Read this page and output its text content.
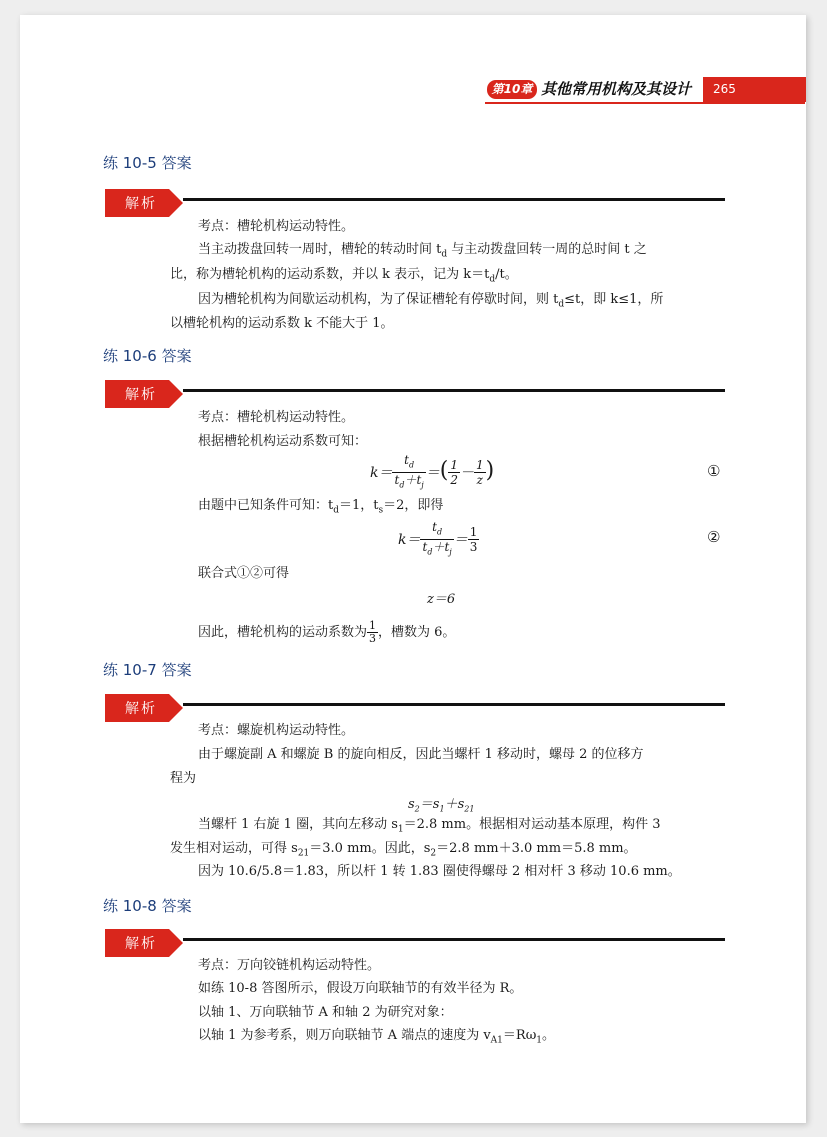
第10章 其他常用机构及其设计	265
练 10-5 答案
解析
考点：槽轮机构运动特性。
当主动拨盘回转一周时，槽轮的转动时间 $t_d$ 与主动拨盘回转一周的总时间 t 之
比，称为槽轮机构的运动系数，并以 k 表示，记为 $k=t_d/t$。
因为槽轮机构为间歇运动机构，为了保证槽轮有停歇时间，则 $t_d\le t$，即 k≤1，所
以槽轮机构的运动系数 k 不能大于 1。
练 10-6 答案
解析
考点：槽轮机构运动特性。
根据槽轮机构运动系数可知：
$k= \frac{t_d}{t_d+t_j}$ ＝( $\frac{1}{2} - \frac{1}{z}$ )	①
由题中已知条件可知：$t_d=1$，$t_s=2$，即得
$k= \frac{t_d}{t_d+t_j} = \frac{1}{3}$	②
联合式①②可得
z＝6
因此，槽轮机构的运动系数为 $\frac{1}{3}$ ，槽数为 6。
练 10-7 答案
解析
考点：螺旋机构运动特性。
由于螺旋副 A 和螺旋 B 的旋向相反，因此当螺杆 1 移动时，螺母 2 的位移方
程为
$s_2=s_1+s_{21}$
当螺杆 1 右旋 1 圈，其向左移动 $s_1=2.8$ mm。根据相对运动基本原理，构件 3
发生相对运动，可得 $s_{21}=3.0$ mm。因此，$s_2=2.8$ mm＋3.0 mm＝5.8 mm。
因为 10.6/5.8＝1.83，所以杆 1 转 1.83 圈使得螺母 2 相对杆 3 移动 10.6 mm。
练 10-8 答案
解析
考点：万向铰链机构运动特性。
如练 10-8 答图所示，假设万向联轴节的有效半径为 R。
以轴 1、万向联轴节 A 和轴 2 为研究对象：
以轴 1 为参考系，则万向联轴节 A 端点的速度为 $v_{A1}=R\omega_1$。
